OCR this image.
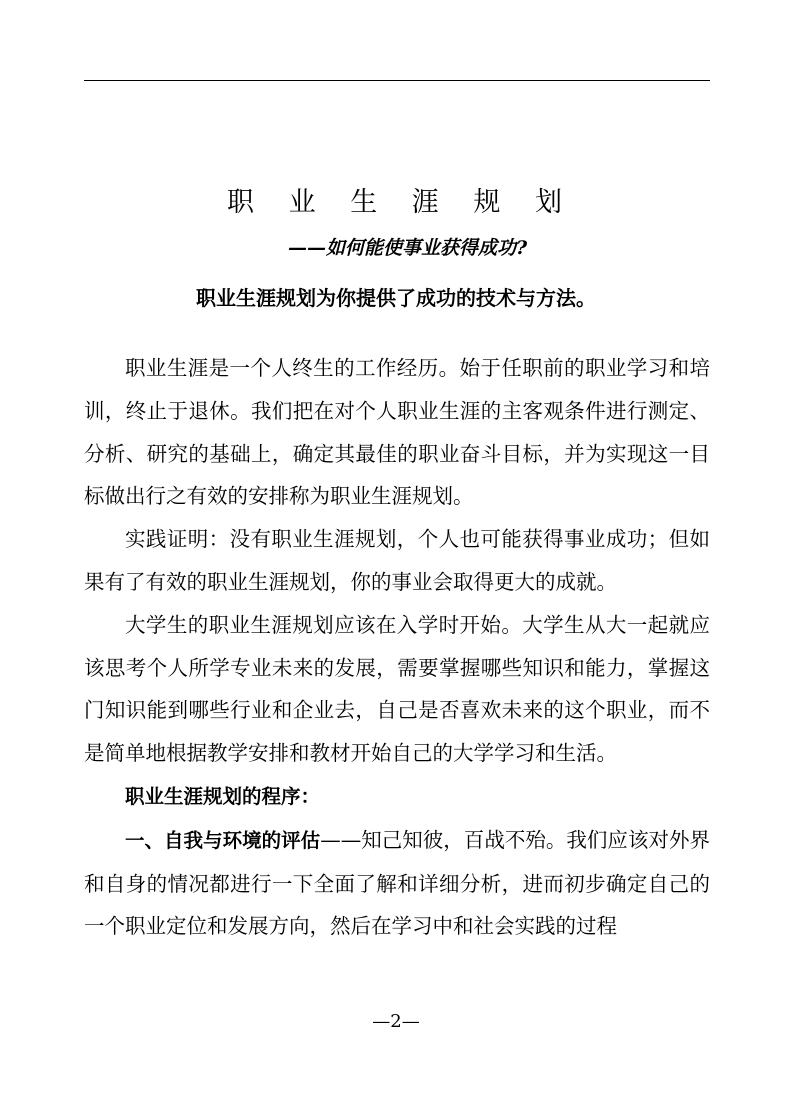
职 业 生 涯 规 划
——如何能使事业获得成功?
职业生涯规划为你提供了成功的技术与方法。

职业生涯是一个人终生的工作经历。始于任职前的职业学习和培训，终止于退休。我们把在对个人职业生涯的主客观条件进行测定、分析、研究的基础上，确定其最佳的职业奋斗目标，并为实现这一目标做出行之有效的安排称为职业生涯规划。

实践证明：没有职业生涯规划，个人也可能获得事业成功；但如果有了有效的职业生涯规划，你的事业会取得更大的成就。

大学生的职业生涯规划应该在入学时开始。大学生从大一起就应该思考个人所学专业未来的发展，需要掌握哪些知识和能力，掌握这门知识能到哪些行业和企业去，自己是否喜欢未来的这个职业，而不是简单地根据教学安排和教材开始自己的大学学习和生活。

职业生涯规划的程序：

一、自我与环境的评估——知己知彼，百战不殆。我们应该对外界和自身的情况都进行一下全面了解和详细分析，进而初步确定自己的一个职业定位和发展方向，然后在学习中和社会实践的过程

—2—
